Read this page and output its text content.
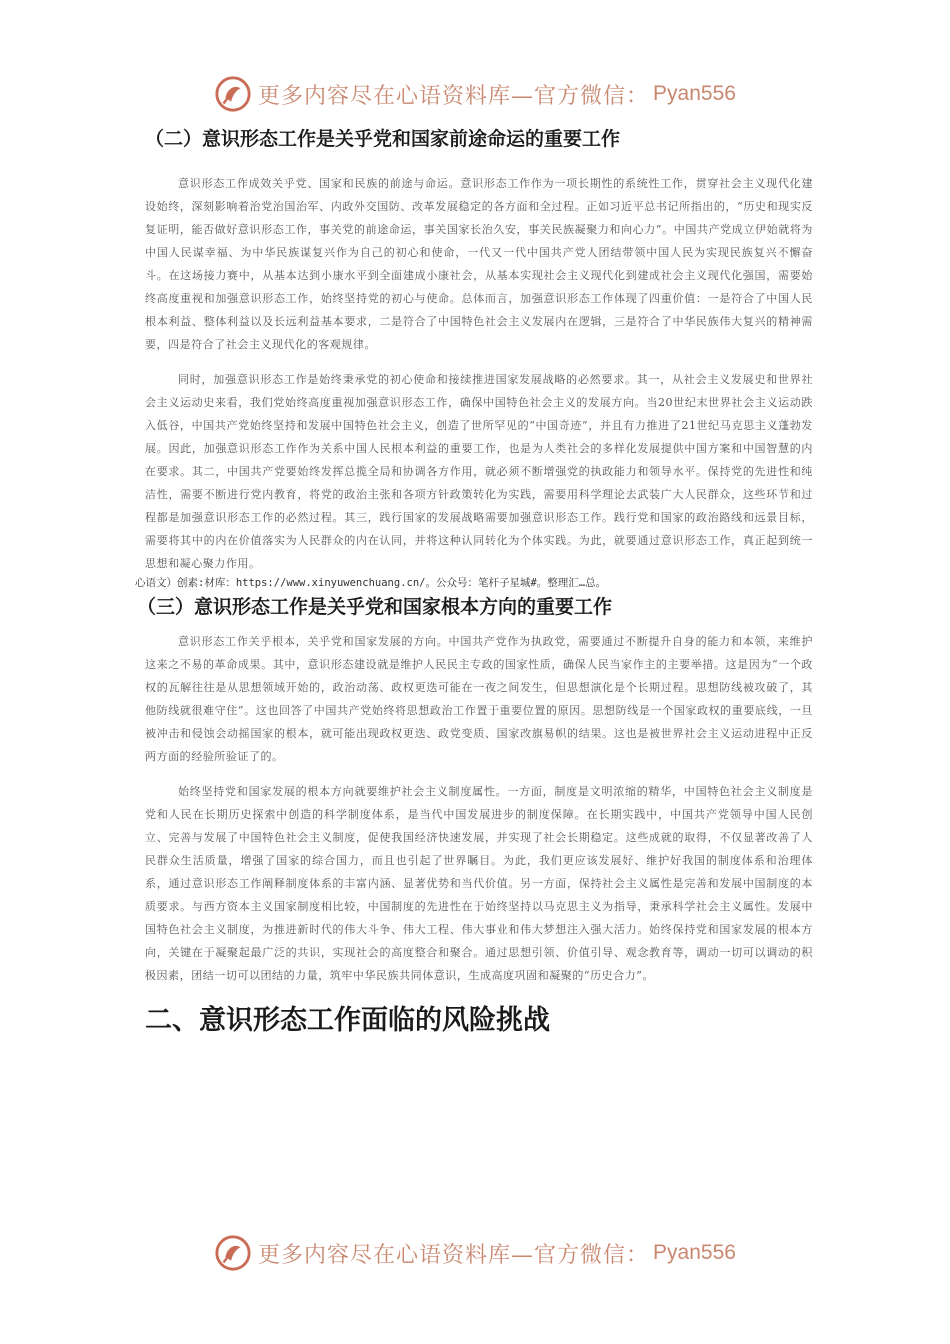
更多内容尽在心语资料库—官方微信： Pyan556
（二）意识形态工作是关乎党和国家前途命运的重要工作

意识形态工作成效关乎党、国家和民族的前途与命运。意识形态工作作为一项长期性的系统性工作，贯穿社会主义现代化建设始终，深刻影响着治党治国治军、内政外交国防、改革发展稳定的各方面和全过程。正如习近平总书记所指出的，“历史和现实反复证明，能否做好意识形态工作，事关党的前途命运，事关国家长治久安，事关民族凝聚力和向心力”。中国共产党成立伊始就将为中国人民谋幸福、为中华民族谋复兴作为自己的初心和使命，一代又一代中国共产党人团结带领中国人民为实现民族复兴不懈奋斗。在这场接力赛中，从基本达到小康水平到全面建成小康社会，从基本实现社会主义现代化到建成社会主义现代化强国，需要始终高度重视和加强意识形态工作，始终坚持党的初心与使命。总体而言，加强意识形态工作体现了四重价值：一是符合了中国人民根本利益、整体利益以及长远利益基本要求，二是符合了中国特色社会主义发展内在逻辑，三是符合了中华民族伟大复兴的精神需要，四是符合了社会主义现代化的客观规律。

同时，加强意识形态工作是始终秉承党的初心使命和接续推进国家发展战略的必然要求。其一，从社会主义发展史和世界社会主义运动史来看，我们党始终高度重视加强意识形态工作，确保中国特色社会主义的发展方向。当20世纪末世界社会主义运动跌入低谷，中国共产党始终坚持和发展中国特色社会主义，创造了世所罕见的“中国奇迹”，并且有力推进了21世纪马克思主义蓬勃发展。因此，加强意识形态工作作为关系中国人民根本利益的重要工作，也是为人类社会的多样化发展提供中国方案和中国智慧的内在要求。其二，中国共产党要始终发挥总揽全局和协调各方作用，就必须不断增强党的执政能力和领导水平。保持党的先进性和纯洁性，需要不断进行党内教育，将党的政治主张和各项方针政策转化为实践，需要用科学理论去武装广大人民群众，这些环节和过程都是加强意识形态工作的必然过程。其三，践行国家的发展战略需要加强意识形态工作。践行党和国家的政治路线和远景目标，需要将其中的内在价值落实为人民群众的内在认同，并将这种认同转化为个体实践。为此，就要通过意识形态工作，真正起到统一思想和凝心聚力作用。

心语文）创素:材库：https://www.xinyuwenchuang.cn/。公众号：笔杆子星城#。整理汇…总。
（三）意识形态工作是关乎党和国家根本方向的重要工作

意识形态工作关乎根本，关乎党和国家发展的方向。中国共产党作为执政党，需要通过不断提升自身的能力和本领，来维护这来之不易的革命成果。其中，意识形态建设就是维护人民民主专政的国家性质，确保人民当家作主的主要举措。这是因为“一个政权的瓦解往往是从思想领域开始的，政治动荡、政权更迭可能在一夜之间发生，但思想演化是个长期过程。思想防线被攻破了，其他防线就很难守住”。这也回答了中国共产党始终将思想政治工作置于重要位置的原因。思想防线是一个国家政权的重要底线，一旦被冲击和侵蚀会动摇国家的根本，就可能出现政权更迭、政党变质、国家改旗易帜的结果。这也是被世界社会主义运动进程中正反两方面的经验所验证了的。

始终坚持党和国家发展的根本方向就要维护社会主义制度属性。一方面，制度是文明浓缩的精华，中国特色社会主义制度是党和人民在长期历史探索中创造的科学制度体系，是当代中国发展进步的制度保障。在长期实践中，中国共产党领导中国人民创立、完善与发展了中国特色社会主义制度，促使我国经济快速发展，并实现了社会长期稳定。这些成就的取得，不仅显著改善了人民群众生活质量，增强了国家的综合国力，而且也引起了世界瞩目。为此，我们更应该发展好、维护好我国的制度体系和治理体系，通过意识形态工作阐释制度体系的丰富内涵、显著优势和当代价值。另一方面，保持社会主义属性是完善和发展中国制度的本质要求。与西方资本主义国家制度相比较，中国制度的先进性在于始终坚持以马克思主义为指导，秉承科学社会主义属性。发展中国特色社会主义制度，为推进新时代的伟大斗争、伟大工程、伟大事业和伟大梦想注入强大活力。始终保持党和国家发展的根本方向，关键在于凝聚起最广泛的共识，实现社会的高度整合和聚合。通过思想引领、价值引导、观念教育等，调动一切可以调动的积极因素，团结一切可以团结的力量，筑牢中华民族共同体意识，生成高度巩固和凝聚的“历史合力”。

二、意识形态工作面临的风险挑战
更多内容尽在心语资料库—官方微信： Pyan556
